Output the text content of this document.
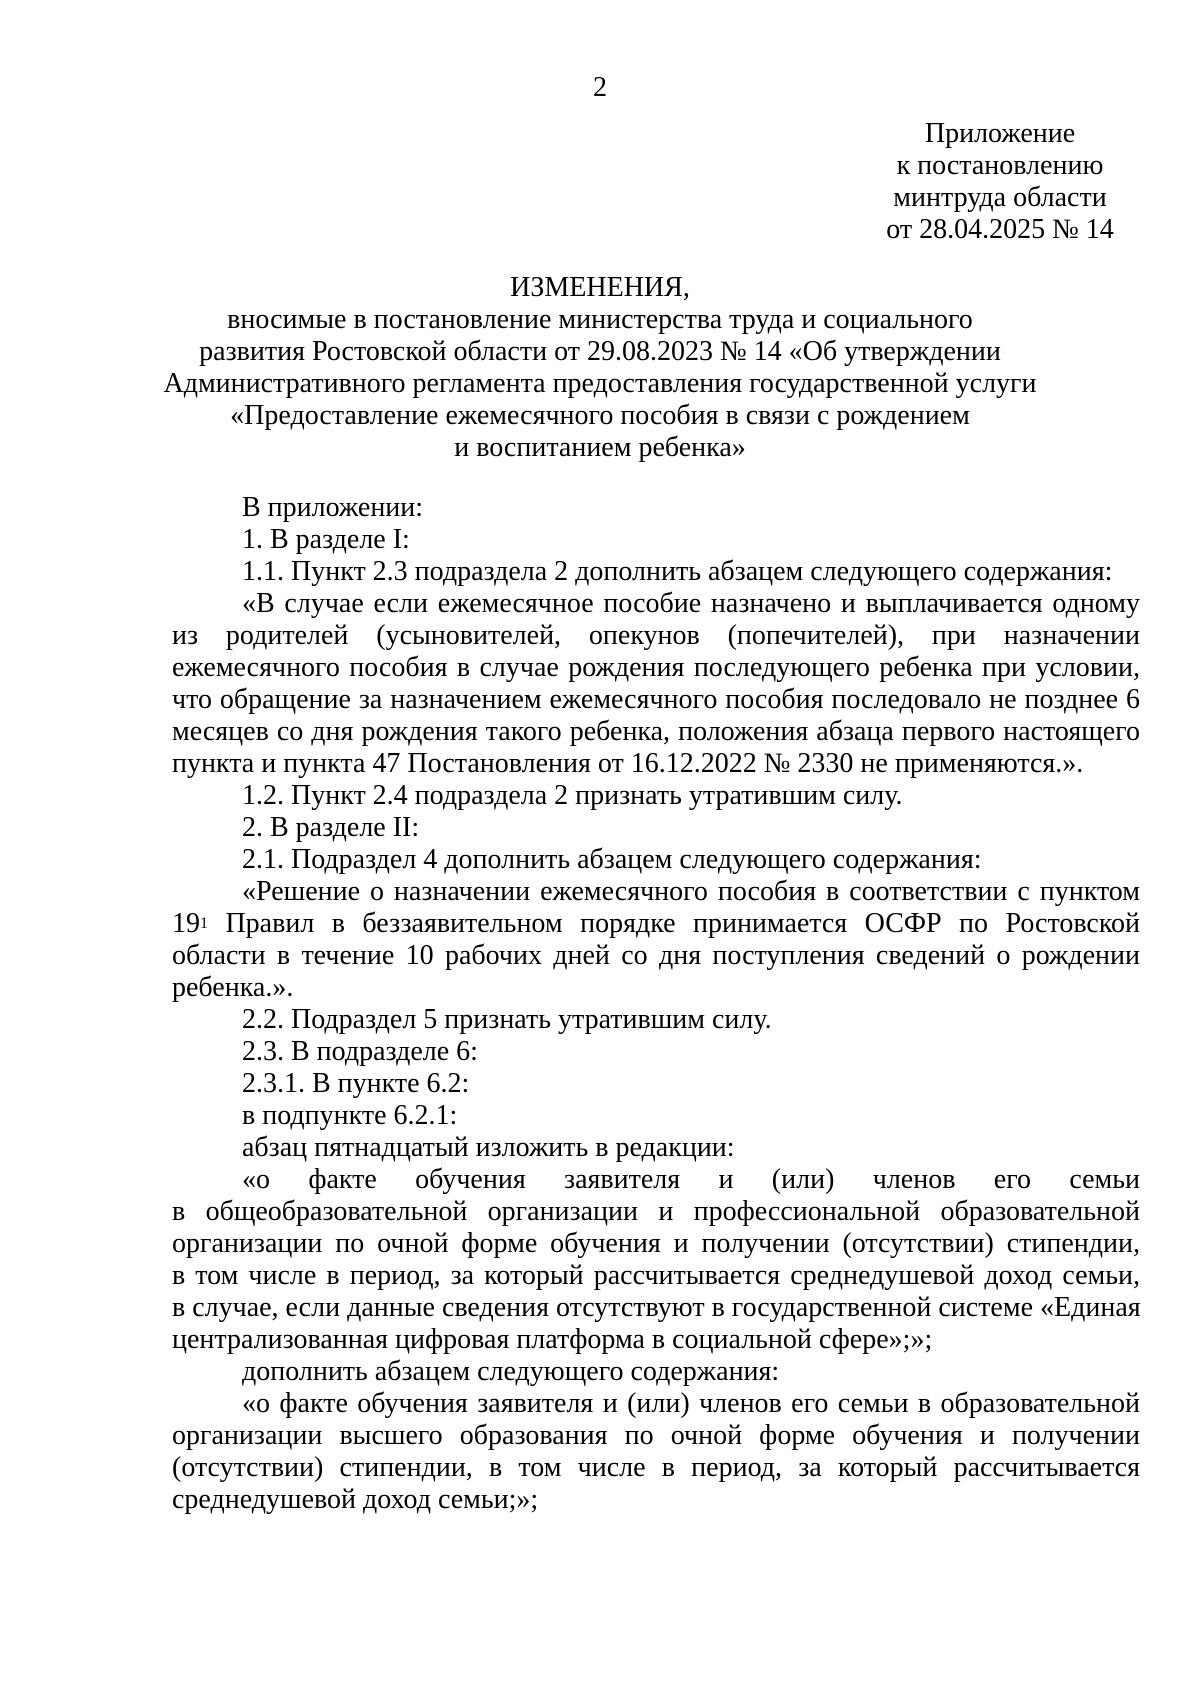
2
Приложение
к постановлению
минтруда области
от 28.04.2025 № 14
ИЗМЕНЕНИЯ,
вносимые в постановление министерства труда и социального
развития Ростовской области от 29.08.2023 № 14 «Об утверждении
Административного регламента предоставления государственной услуги
«Предоставление ежемесячного пособия в связи с рождением
и воспитанием ребенка»
В приложении:
1. В разделе I:
1.1. Пункт 2.3 подраздела 2 дополнить абзацем следующего содержания:
«В случае если ежемесячное пособие назначено и выплачивается одному
из родителей (усыновителей, опекунов (попечителей), при назначении
ежемесячного пособия в случае рождения последующего ребенка при условии,
что обращение за назначением ежемесячного пособия последовало не позднее 6
месяцев со дня рождения такого ребенка, положения абзаца первого настоящего
пункта и пункта 47 Постановления от 16.12.2022 № 2330 не применяются.».
1.2. Пункт 2.4 подраздела 2 признать утратившим силу.
2. В разделе II:
2.1. Подраздел 4 дополнить абзацем следующего содержания:
«Решение о назначении ежемесячного пособия в соответствии с пунктом
$19^1$ Правил в беззаявительном порядке принимается ОСФР по Ростовской
области в течение 10 рабочих дней со дня поступления сведений о рождении
ребенка.».
2.2. Подраздел 5 признать утратившим силу.
2.3. В подразделе 6:
2.3.1. В пункте 6.2:
в подпункте 6.2.1:
абзац пятнадцатый изложить в редакции:
«о факте обучения заявителя и (или) членов его семьи
в общеобразовательной организации и профессиональной образовательной
организации по очной форме обучения и получении (отсутствии) стипендии,
в том числе в период, за который рассчитывается среднедушевой доход семьи,
в случае, если данные сведения отсутствуют в государственной системе «Единая
централизованная цифровая платформа в социальной сфере»;»;
дополнить абзацем следующего содержания:
«о факте обучения заявителя и (или) членов его семьи в образовательной
организации высшего образования по очной форме обучения и получении
(отсутствии) стипендии, в том числе в период, за который рассчитывается
среднедушевой доход семьи;»;
